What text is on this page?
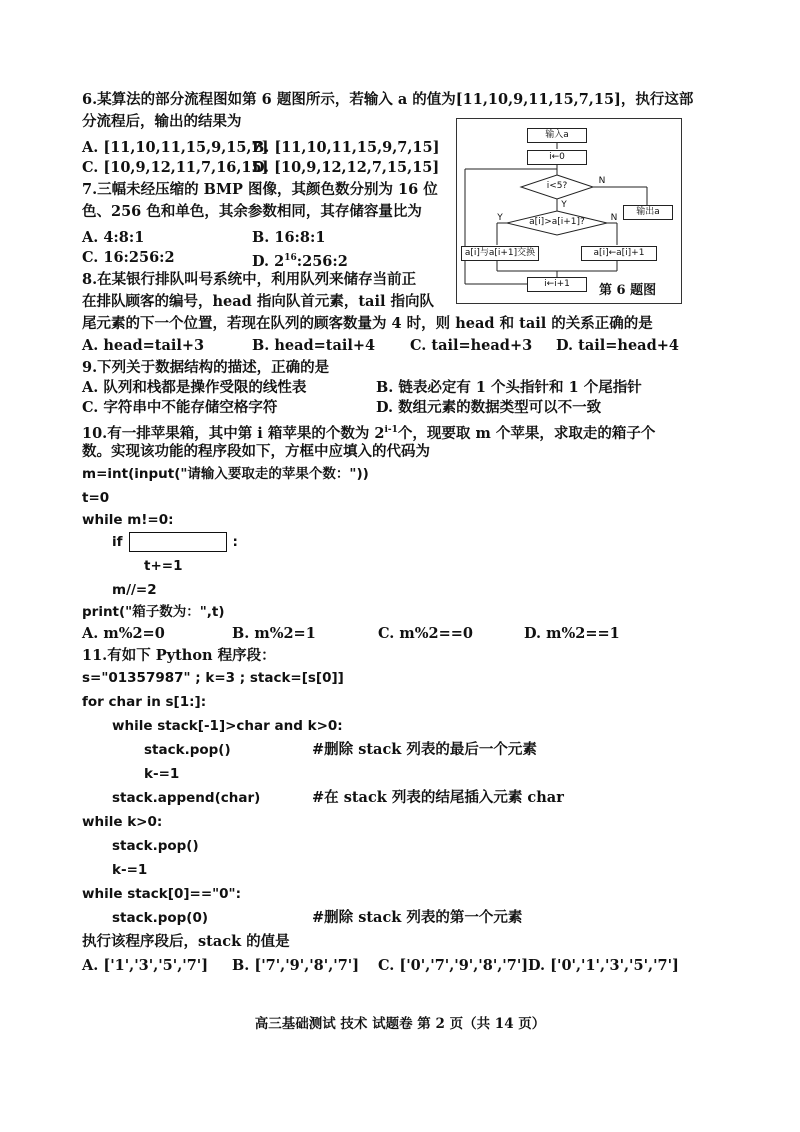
6.某算法的部分流程图如第 6 题图所示，若输入 a 的值为[11,10,9,11,15,7,15]，执行这部
分流程后，输出的结果为
A. [11,10,11,15,9,15,7]
B. [11,10,11,15,9,7,15]
C. [10,9,12,11,7,16,15]
D. [10,9,12,12,7,15,15]
输入a
i←0
i<5?
输出a
a[i]>a[i+1]?
a[i]与a[i+1]交换	a[i]←a[i]+1
i←i+1
Y
N
Y	N
第 6 题图
7.三幅未经压缩的 BMP 图像，其颜色数分别为 16 位
色、256 色和单色，其余参数相同，其存储容量比为
A. 4:8:1	B. 16:8:1
C. 16:256:2	D. $2^{16}:256:2$
8.在某银行排队叫号系统中，利用队列来储存当前正
在排队顾客的编号，head 指向队首元素，tail 指向队
尾元素的下一个位置，若现在队列的顾客数量为 4 时，则 head 和 tail 的关系正确的是
A. head=tail+3	B. head=tail+4 C. tail=head+3 D. tail=head+4
9.下列关于数据结构的描述，正确的是
A. 队列和栈都是操作受限的线性表	B. 链表必定有 1 个头指针和 1 个尾指针
C. 字符串中不能存储空格字符	D. 数组元素的数据类型可以不一致
10.有一排苹果箱，其中第 i 箱苹果的个数为 2$^{i-1}$个，现要取 m 个苹果，求取走的箱子个
数。实现该功能的程序段如下，方框中应填入的代码为
m=int(input("请输入要取走的苹果个数："))
t=0
while m!=0:
if	:
t+=1
m//=2
print("箱子数为：",t)
A. m%2=0	B. m%2=1	C. m%2==0	D. m%2==1
11.有如下 Python 程序段：
s="01357987" ; k=3 ; stack=[s[0]]
for char in s[1:]:
while stack[-1]>char and k>0:
stack.pop()	#删除 stack 列表的最后一个元素
k-=1
stack.append(char)	#在 stack 列表的结尾插入元素 char
while k>0:
stack.pop()
k-=1
while stack[0]=="0":
stack.pop(0)	#删除 stack 列表的第一个元素
执行该程序段后，stack 的值是
A. ['1','3','5','7'] B. ['7','9','8','7'] C. ['0','7','9','8','7'] D. ['0','1','3','5','7']
高三基础测试 技术 试题卷 第 2 页（共 14 页）
